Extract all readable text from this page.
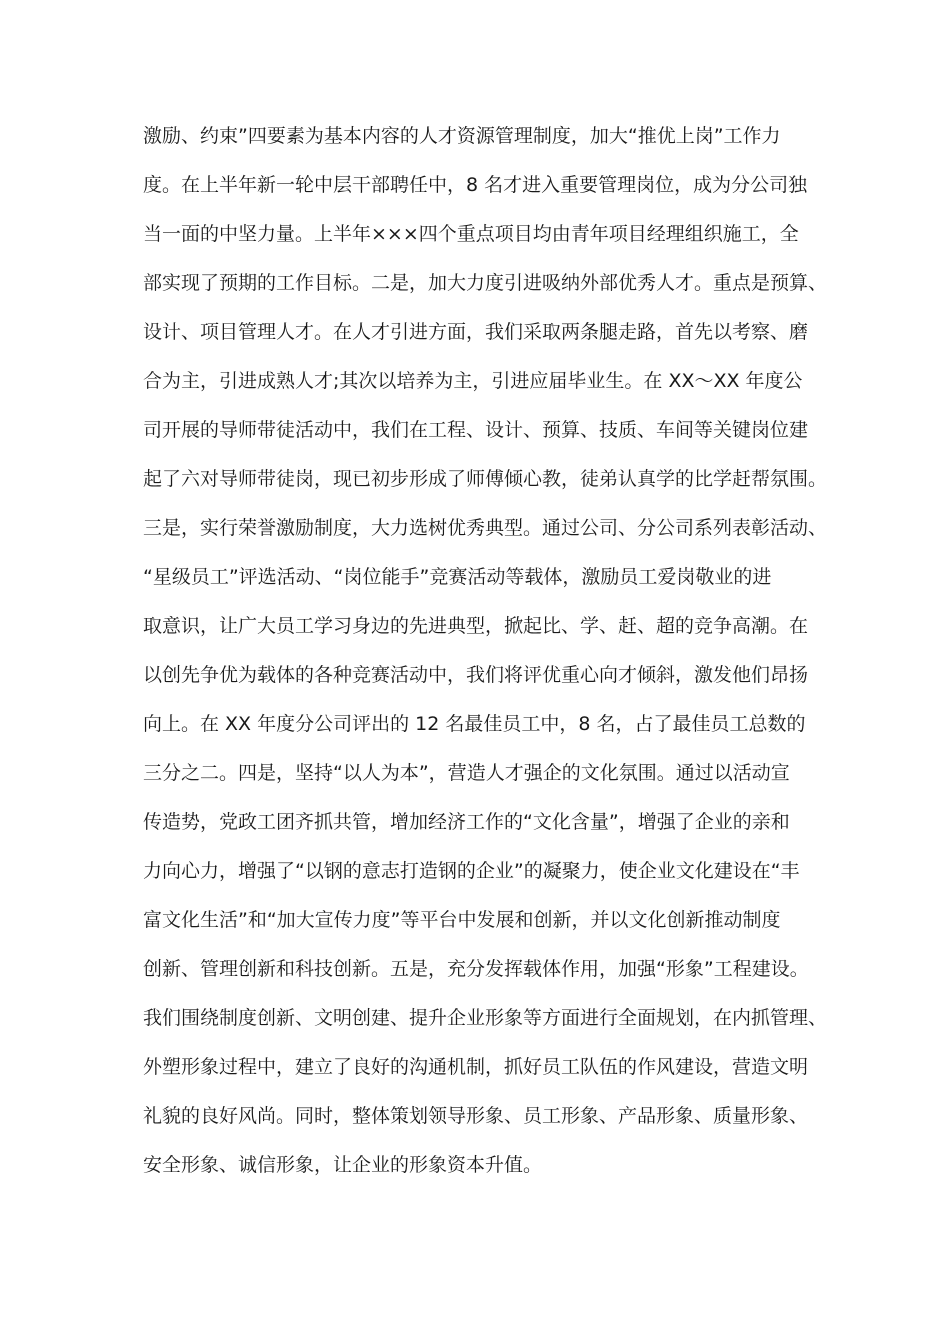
激励、约束”四要素为基本内容的人才资源管理制度，加大“推优上岗”工作力
度。在上半年新一轮中层干部聘任中，8 名才进入重要管理岗位，成为分公司独
当一面的中坚力量。上半年×××四个重点项目均由青年项目经理组织施工，全
部实现了预期的工作目标。二是，加大力度引进吸纳外部优秀人才。重点是预算、
设计、项目管理人才。在人才引进方面，我们采取两条腿走路，首先以考察、磨
合为主，引进成熟人才;其次以培养为主，引进应届毕业生。在 XX～XX 年度公
司开展的导师带徒活动中，我们在工程、设计、预算、技质、车间等关键岗位建
起了六对导师带徒岗，现已初步形成了师傅倾心教，徒弟认真学的比学赶帮氛围。
三是，实行荣誉激励制度，大力选树优秀典型。通过公司、分公司系列表彰活动、
“星级员工”评选活动、“岗位能手”竞赛活动等载体，激励员工爱岗敬业的进
取意识，让广大员工学习身边的先进典型，掀起比、学、赶、超的竞争高潮。在
以创先争优为载体的各种竞赛活动中，我们将评优重心向才倾斜，激发他们昂扬
向上。在 XX 年度分公司评出的 12 名最佳员工中，8 名，占了最佳员工总数的
三分之二。四是，坚持“以人为本”，营造人才强企的文化氛围。通过以活动宣
传造势，党政工团齐抓共管，增加经济工作的“文化含量”，增强了企业的亲和
力向心力，增强了“以钢的意志打造钢的企业”的凝聚力，使企业文化建设在“丰
富文化生活”和“加大宣传力度”等平台中发展和创新，并以文化创新推动制度
创新、管理创新和科技创新。五是，充分发挥载体作用，加强“形象”工程建设。
我们围绕制度创新、文明创建、提升企业形象等方面进行全面规划，在内抓管理、
外塑形象过程中，建立了良好的沟通机制，抓好员工队伍的作风建设，营造文明
礼貌的良好风尚。同时，整体策划领导形象、员工形象、产品形象、质量形象、
安全形象、诚信形象，让企业的形象资本升值。
